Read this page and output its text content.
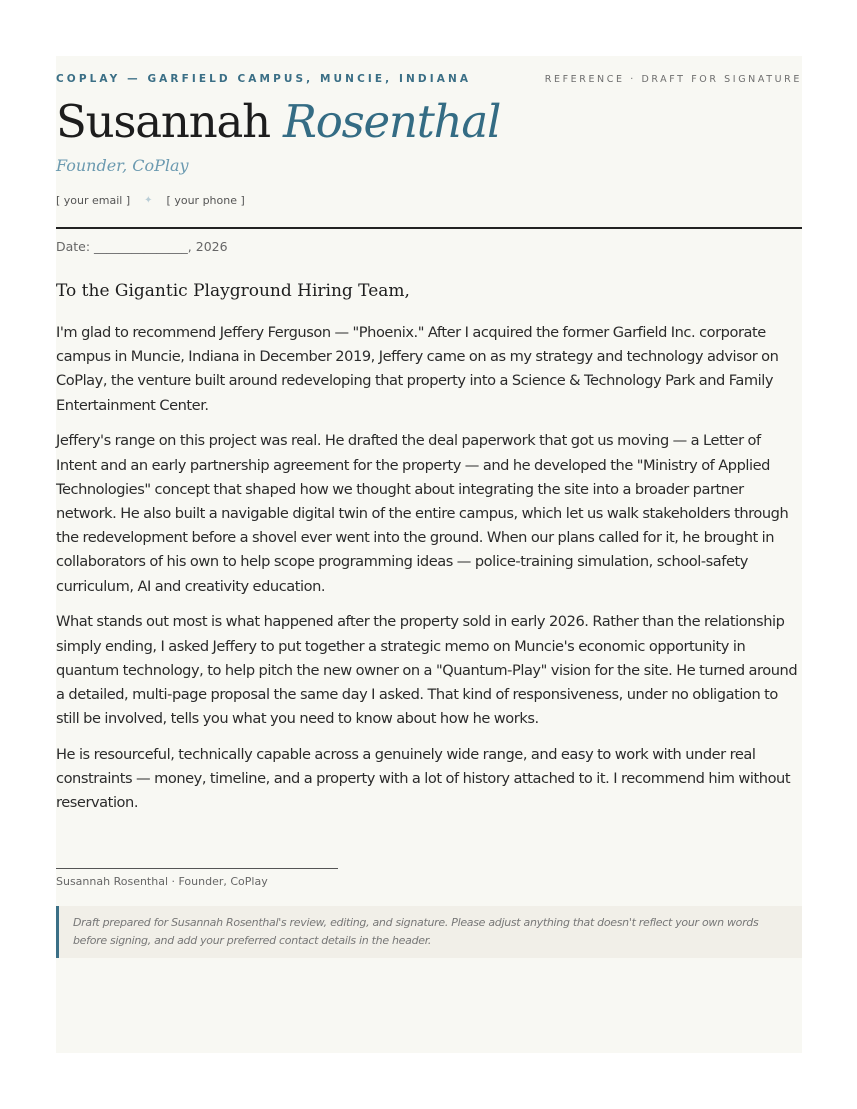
COPLAY — GARFIELD CAMPUS, MUNCIE, INDIANA	REFERENCE · DRAFT FOR SIGNATURE
Susannah Rosenthal
Founder, CoPlay
[ your email ] ✦ [ your phone ]
Date: _______________, 2026
To the Gigantic Playground Hiring Team,

I'm glad to recommend Jeffery Ferguson — "Phoenix." After I acquired the former Garfield Inc. corporate campus in Muncie, Indiana in December 2019, Jeffery came on as my strategy and technology advisor on CoPlay, the venture built around redeveloping that property into a Science & Technology Park and Family Entertainment Center.

Jeffery's range on this project was real. He drafted the deal paperwork that got us moving — a Letter of Intent and an early partnership agreement for the property — and he developed the "Ministry of Applied Technologies" concept that shaped how we thought about integrating the site into a broader partner network. He also built a navigable digital twin of the entire campus, which let us walk stakeholders through the redevelopment before a shovel ever went into the ground. When our plans called for it, he brought in collaborators of his own to help scope programming ideas — police-training simulation, school-safety curriculum, AI and creativity education.

What stands out most is what happened after the property sold in early 2026. Rather than the relationship simply ending, I asked Jeffery to put together a strategic memo on Muncie's economic opportunity in quantum technology, to help pitch the new owner on a "Quantum-Play" vision for the site. He turned around a detailed, multi-page proposal the same day I asked. That kind of responsiveness, under no obligation to still be involved, tells you what you need to know about how he works.

He is resourceful, technically capable across a genuinely wide range, and easy to work with under real constraints — money, timeline, and a property with a lot of history attached to it. I recommend him without reservation.

Susannah Rosenthal · Founder, CoPlay
Draft prepared for Susannah Rosenthal's review, editing, and signature. Please adjust anything that doesn't reflect your own words before signing, and add your preferred contact details in the header.
